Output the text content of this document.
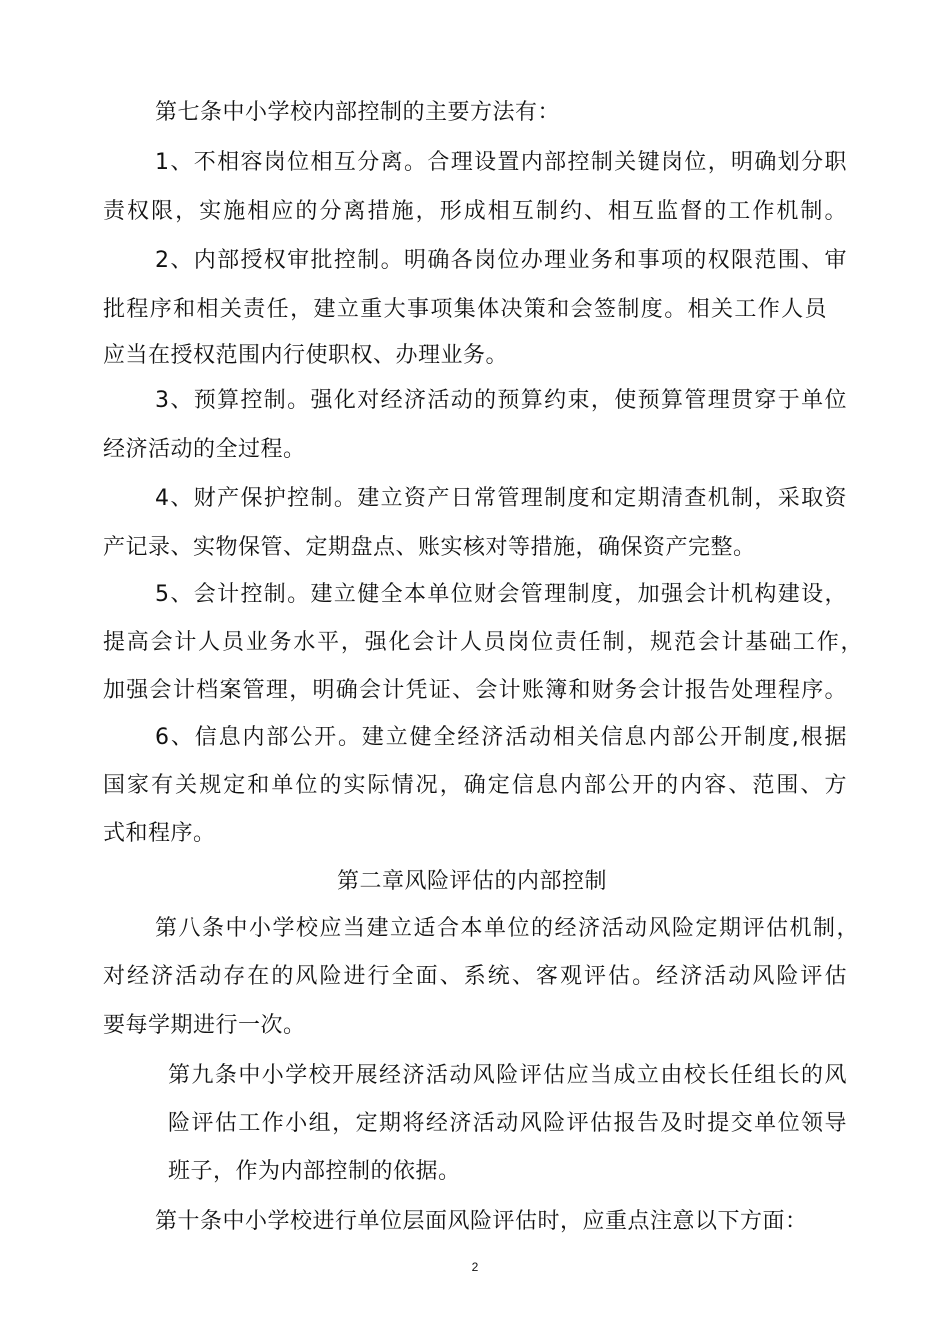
第七条中小学校内部控制的主要方法有：
1、不相容岗位相互分离。合理设置内部控制关键岗位，明确划分职
责权限，实施相应的分离措施，形成相互制约、相互监督的工作机制。
2、内部授权审批控制。明确各岗位办理业务和事项的权限范围、审
批程序和相关责任，建立重大事项集体决策和会签制度。相关工作人员
应当在授权范围内行使职权、办理业务。
3、预算控制。强化对经济活动的预算约束，使预算管理贯穿于单位
经济活动的全过程。
4、财产保护控制。建立资产日常管理制度和定期清查机制，采取资
产记录、实物保管、定期盘点、账实核对等措施，确保资产完整。
5、会计控制。建立健全本单位财会管理制度，加强会计机构建设，
提高会计人员业务水平，强化会计人员岗位责任制，规范会计基础工作，
加强会计档案管理，明确会计凭证、会计账簿和财务会计报告处理程序。
6、信息内部公开。建立健全经济活动相关信息内部公开制度,根据
国家有关规定和单位的实际情况，确定信息内部公开的内容、范围、方
式和程序。
第二章风险评估的内部控制
第八条中小学校应当建立适合本单位的经济活动风险定期评估机制，
对经济活动存在的风险进行全面、系统、客观评估。经济活动风险评估
要每学期进行一次。
第九条中小学校开展经济活动风险评估应当成立由校长任组长的风
险评估工作小组，定期将经济活动风险评估报告及时提交单位领导
班子，作为内部控制的依据。
第十条中小学校进行单位层面风险评估时，应重点注意以下方面：
2
